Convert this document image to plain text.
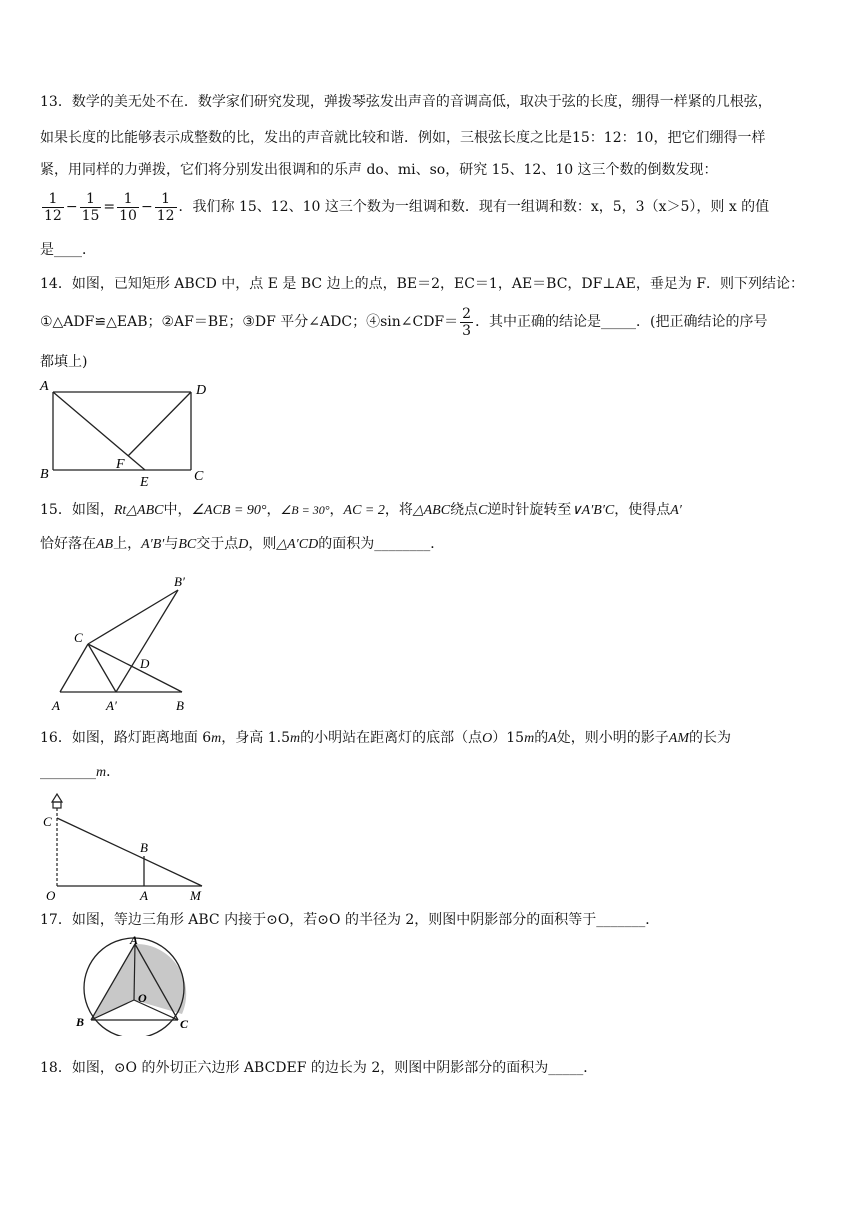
13．数学的美无处不在．数学家们研究发现，弹拨琴弦发出声音的音调高低，取决于弦的长度，绷得一样紧的几根弦，
如果长度的比能够表示成整数的比，发出的声音就比较和谐．例如，三根弦长度之比是15：12：10，把它们绷得一样
紧，用同样的力弹拨，它们将分别发出很调和的乐声 do、mi、so，研究 15、12、10 这三个数的倒数发现：
$\frac{1}{12} - \frac{1}{15} = \frac{1}{10} - \frac{1}{12}$ ．我们称 15、12、10 这三个数为一组调和数．现有一组调和数：x，5，3（x＞5），则 x 的值
是____．
14．如图，已知矩形 ABCD 中，点 E 是 BC 边上的点，BE＝2，EC＝1，AE＝BC，DF⊥AE，垂足为 F．则下列结论：
①△ADF≌△EAB；②AF＝BE；③DF 平分∠ADC；④sin∠CDF＝ $\frac{2}{3}$ ．其中正确的结论是_____．(把正确结论的序号
都填上)
A	D
B	C
F
E
15．如图，Rt△ABC中，∠ACB = 90°，∠B = 30°，AC = 2，将△ABC绕点C逆时针旋转至∨A′B′C，使得点A′
恰好落在AB上，A′B′与BC交于点D，则△A′CD的面积为________．
B′
C
D
A	A′	B
16．如图，路灯距离地面 6m，身高 1.5m的小明站在距离灯的底部（点O）15m的A处，则小明的影子AM的长为
________m．
C
B
O	A	M
17．如图，等边三角形 ABC 内接于⊙O，若⊙O 的半径为 2，则图中阴影部分的面积等于_______．
A
O
B	C
18．如图，⊙O 的外切正六边形 ABCDEF 的边长为 2，则图中阴影部分的面积为_____．
